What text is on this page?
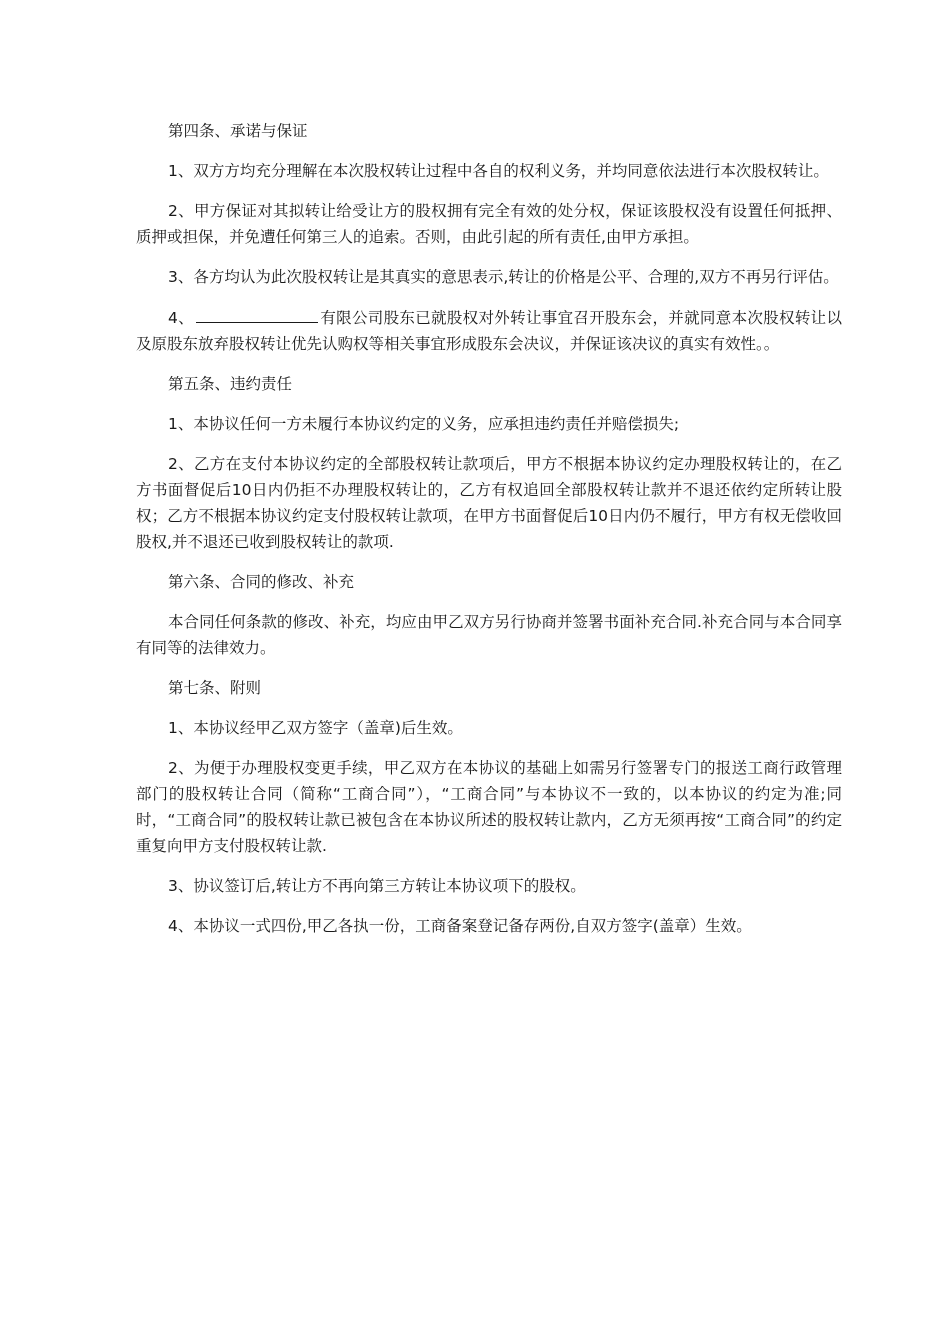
第四条、承诺与保证

1、双方方均充分理解在本次股权转让过程中各自的权利义务，并均同意依法进行本次股权转让。

2、甲方保证对其拟转让给受让方的股权拥有完全有效的处分权，保证该股权没有设置任何抵押、质押或担保，并免遭任何第三人的追索。否则，由此引起的所有责任,由甲方承担。

3、各方均认为此次股权转让是其真实的意思表示,转让的价格是公平、合理的,双方不再另行评估。

4、	有限公司股东已就股权对外转让事宜召开股东会，并就同意本次股权转让以及原股东放弃股权转让优先认购权等相关事宜形成股东会决议，并保证该决议的真实有效性。。

第五条、违约责任

1、本协议任何一方未履行本协议约定的义务，应承担违约责任并赔偿损失;

2、乙方在支付本协议约定的全部股权转让款项后，甲方不根据本协议约定办理股权转让的，在乙方书面督促后10日内仍拒不办理股权转让的，乙方有权追回全部股权转让款并不退还依约定所转让股权；乙方不根据本协议约定支付股权转让款项，在甲方书面督促后10日内仍不履行，甲方有权无偿收回股权,并不退还已收到股权转让的款项.

第六条、合同的修改、补充

本合同任何条款的修改、补充，均应由甲乙双方另行协商并签署书面补充合同.补充合同与本合同享有同等的法律效力。

第七条、附则

1、本协议经甲乙双方签字（盖章)后生效。

2、为便于办理股权变更手续，甲乙双方在本协议的基础上如需另行签署专门的报送工商行政管理部门的股权转让合同（简称“工商合同”），“工商合同”与本协议不一致的，以本协议的约定为准;同时，“工商合同”的股权转让款已被包含在本协议所述的股权转让款内，乙方无须再按“工商合同”的约定重复向甲方支付股权转让款.

3、协议签订后,转让方不再向第三方转让本协议项下的股权。

4、本协议一式四份,甲乙各执一份，工商备案登记备存两份,自双方签字(盖章）生效。
